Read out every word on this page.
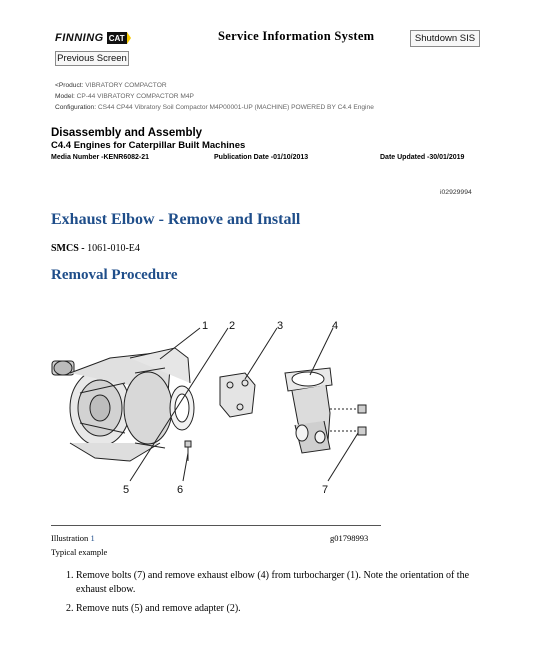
FINNING CAT	Service Information System	Shutdown SIS
Previous Screen
<Product: VIBRATORY COMPACTOR
Model: CP-44 VIBRATORY COMPACTOR M4P
Configuration: CS44 CP44 Vibratory Soil Compactor M4P00001-UP (MACHINE) POWERED BY C4.4 Engine
Disassembly and Assembly
C4.4 Engines for Caterpillar Built Machines
Media Number -KENR6082-21	Publication Date -01/10/2013	Date Updated -30/01/2019
i02929994
Exhaust Elbow - Remove and Install
SMCS - 1061-010-E4
Removal Procedure
1 2	3	4
5	6	7
Illustration 1	g01798993
Typical example
1. Remove bolts (7) and remove exhaust elbow (4) from turbocharger (1). Note the orientation of the exhaust elbow.
2. Remove nuts (5) and remove adapter (2).
